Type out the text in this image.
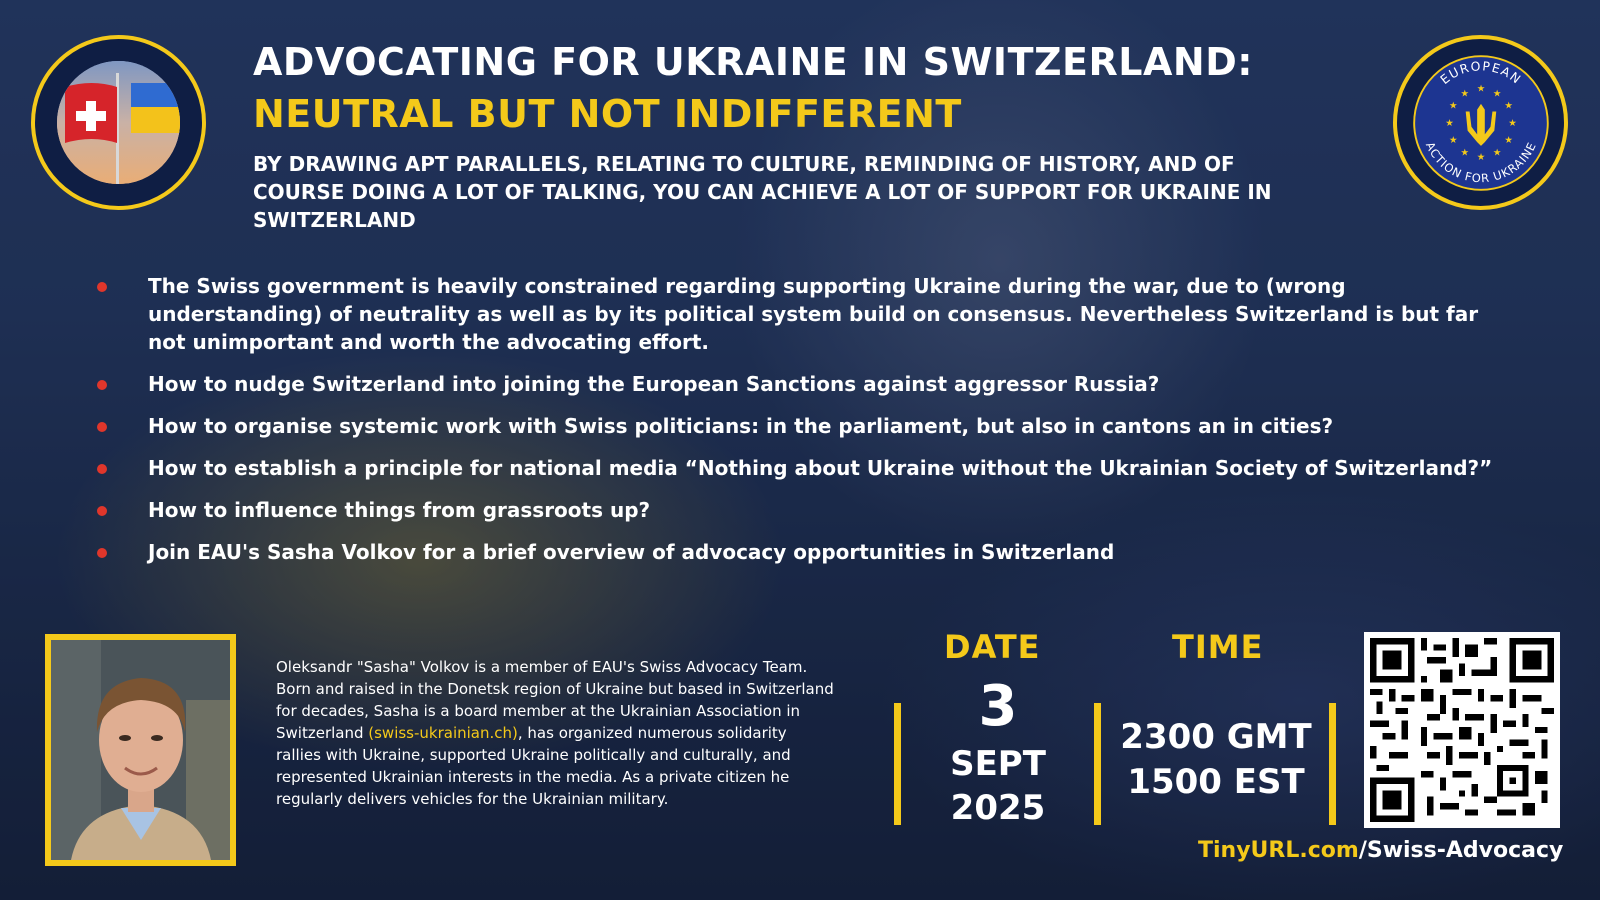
EUROPEAN
ACTION FOR UKRAINE
★ ★
★
★
★
★
★
★
★
★
★
★
ADVOCATING FOR UKRAINE IN SWITZERLAND:
NEUTRAL BUT NOT INDIFFERENT
BY DRAWING APT PARALLELS, RELATING TO CULTURE, REMINDING OF HISTORY, AND OF COURSE DOING A LOT OF TALKING, YOU CAN ACHIEVE A LOT OF SUPPORT FOR UKRAINE IN SWITZERLAND
The Swiss government is heavily constrained regarding supporting Ukraine during the war, due to (wrong understanding) of neutrality as well as by its political system build on consensus. Nevertheless Switzerland is but far not unimportant and worth the advocating effort.
How to nudge Switzerland into joining the European Sanctions against aggressor Russia?
How to organise systemic work with Swiss politicians: in the parliament, but also in cantons an in cities?
How to establish a principle for national media “Nothing about Ukraine without the Ukrainian Society of Switzerland?”
How to influence things from grassroots up?
Join EAU's Sasha Volkov for a brief overview of advocacy opportunities in Switzerland
Oleksandr "Sasha" Volkov is a member of EAU's Swiss Advocacy Team. Born and raised in the Donetsk region of Ukraine but based in Switzerland for decades, Sasha is a board member at the Ukrainian Association in Switzerland (swiss-ukrainian.ch), has organized numerous solidarity rallies with Ukraine, supported Ukraine politically and culturally, and represented Ukrainian interests in the media. As a private citizen he regularly delivers vehicles for the Ukrainian military.
DATE	TIME
3
SEPT
2025
2300 GMT
1500 EST
TinyURL.com/Swiss-Advocacy
